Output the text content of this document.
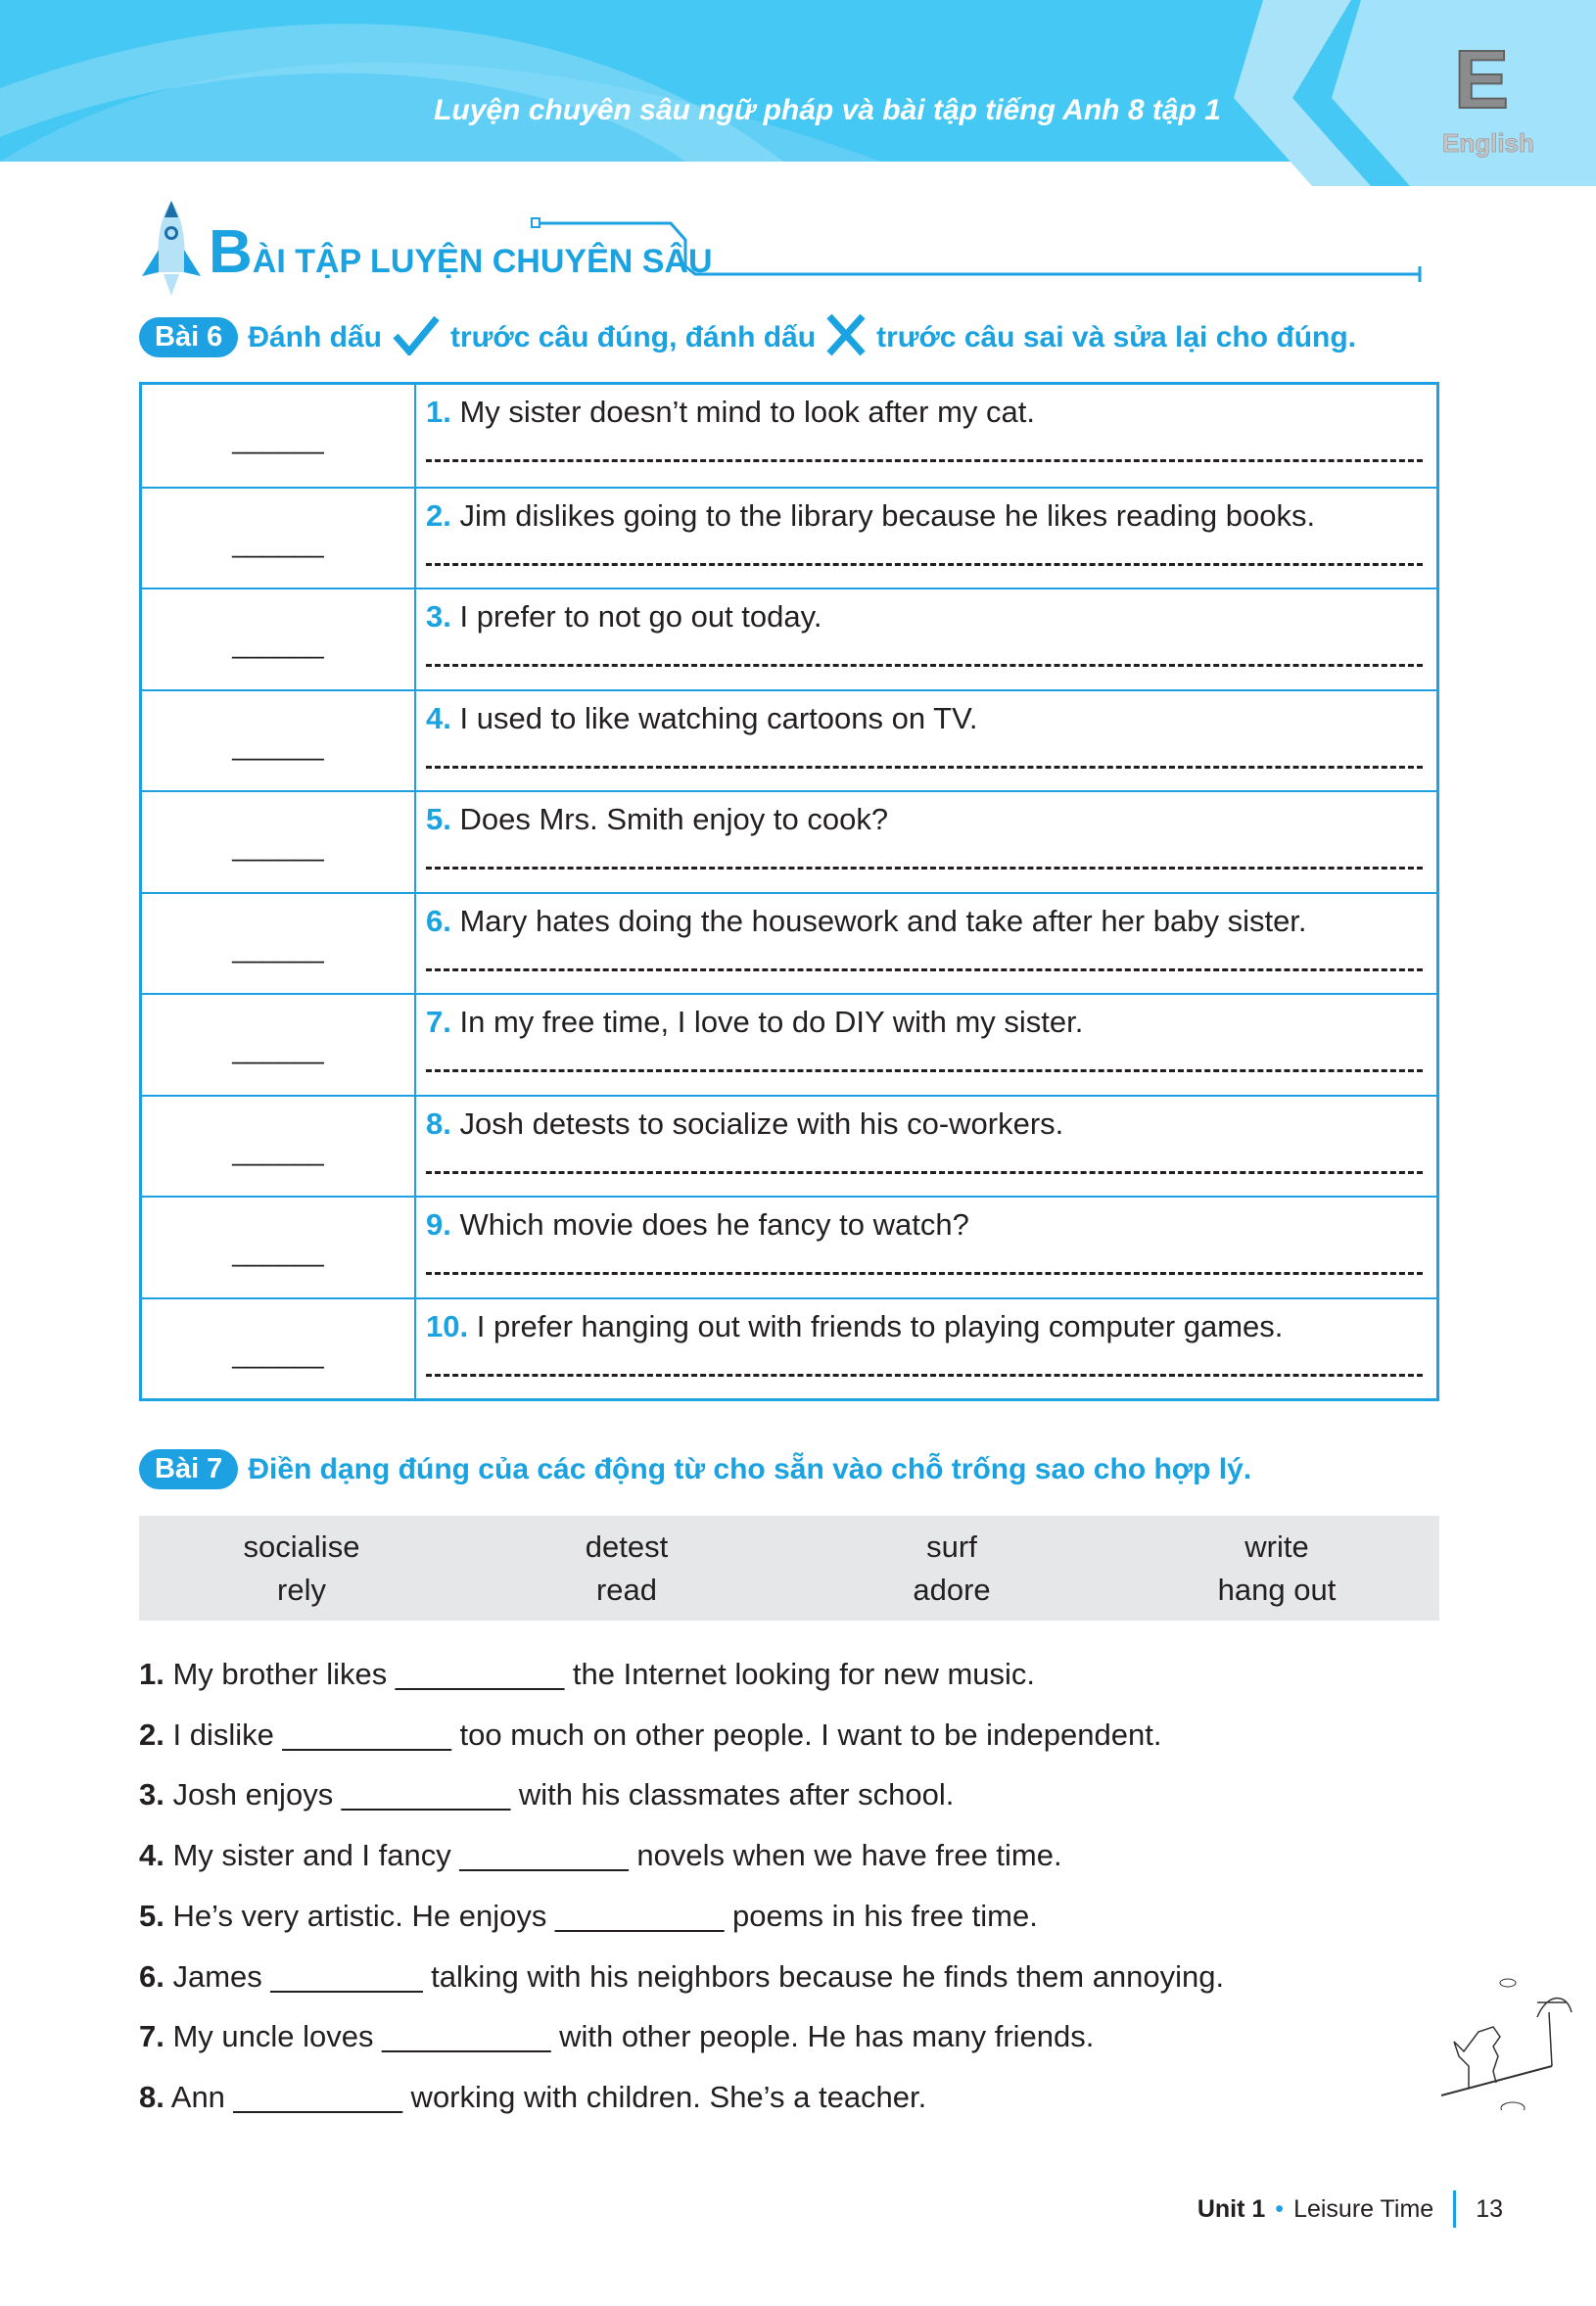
Luyện chuyên sâu ngữ pháp và bài tập tiếng Anh 8 tập 1	E
English
BÀI TẬP LUYỆN CHUYÊN SÂU
Bài 6 Đánh dấu trước câu đúng, đánh dấu trước câu sai và sửa lại cho đúng.
______
1. My sister doesn’t mind to look after my cat.
______
2. Jim dislikes going to the library because he likes reading books.
______
3. I prefer to not go out today.
______
4. I used to like watching cartoons on TV.
______
5. Does Mrs. Smith enjoy to cook?
______
6. Mary hates doing the housework and take after her baby sister.
______
7. In my free time, I love to do DIY with my sister.
______
8. Josh detests to socialize with his co-workers.
______
9. Which movie does he fancy to watch?
______
10. I prefer hanging out with friends to playing computer games.
Bài 7 Điền dạng đúng của các động từ cho sẵn vào chỗ trống sao cho hợp lý.
socialise	detest	surf	write
rely	read	adore	hang out
1. My brother likes __________ the Internet looking for new music.
2. I dislike __________ too much on other people. I want to be independent.
3. Josh enjoys __________ with his classmates after school.
4. My sister and I fancy __________ novels when we have free time.
5. He’s very artistic. He enjoys __________ poems in his free time.
6. James _________ talking with his neighbors because he finds them annoying.
7. My uncle loves __________ with other people. He has many friends.
8. Ann __________ working with children. She’s a teacher.
Unit 1 • Leisure Time 13
